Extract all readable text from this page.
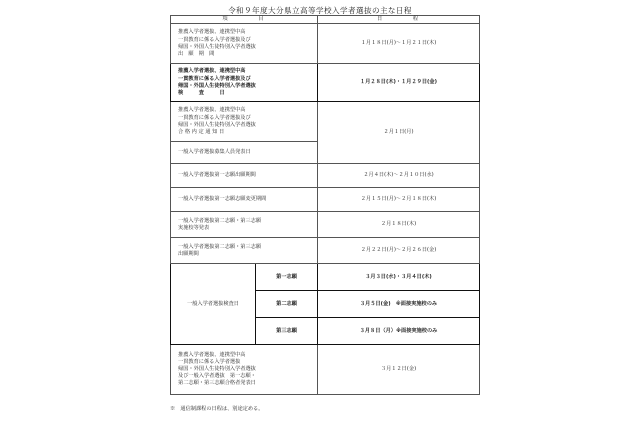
令和９年度大分県立高等学校入学者選抜の主な日程
項　　　　目		日　　　　程

推薦入学者選抜、連携型中高
一貫教育に係る入学者選抜及び
帰国・外国人生徒特別入学者選抜
出　願　期　間		１月１８日(月)～１月２１日(木)

推薦入学者選抜、連携型中高
一貫教育に係る入学者選抜及び
帰国・外国人生徒特別入学者選抜
検　　　査　　　日		１月２８日(木)・１月２９日(金)

推薦入学者選抜、連携型中高
一貫教育に係る入学者選抜及び
帰国・外国人生徒特別入学者選抜
合 格 内 定 通 知 日		２月１日(月)

一般入学者選抜募集人員発表日		

一般入学者選抜第一志願出願期間		２月４日(木)～２月１０日(水)

一般入学者選抜第一志願志願変更期間		２月１５日(月)～２月１８日(木)

一般入学者選抜第二志願・第三志願
実施校等発表		２月１８日(木)

一般入学者選抜第二志願・第三志願
出願期間		２月２２日(月)～２月２６日(金)
一般入学者選抜検査日	第一志願	３月３日(水)・３月４日(木)
	第二志願	３月５日(金)　※面接実施校のみ
	第三志願	３月８日（月）※面接実施校のみ

推薦入学者選抜、連携型中高
一貫教育に係る入学者選抜
帰国・外国人生徒特別入学者選抜
及び一般入学者選抜　第一志願・
第二志願・第三志願合格者発表日		３月１２日(金)
※　通信制課程の日程は、別途定める。
